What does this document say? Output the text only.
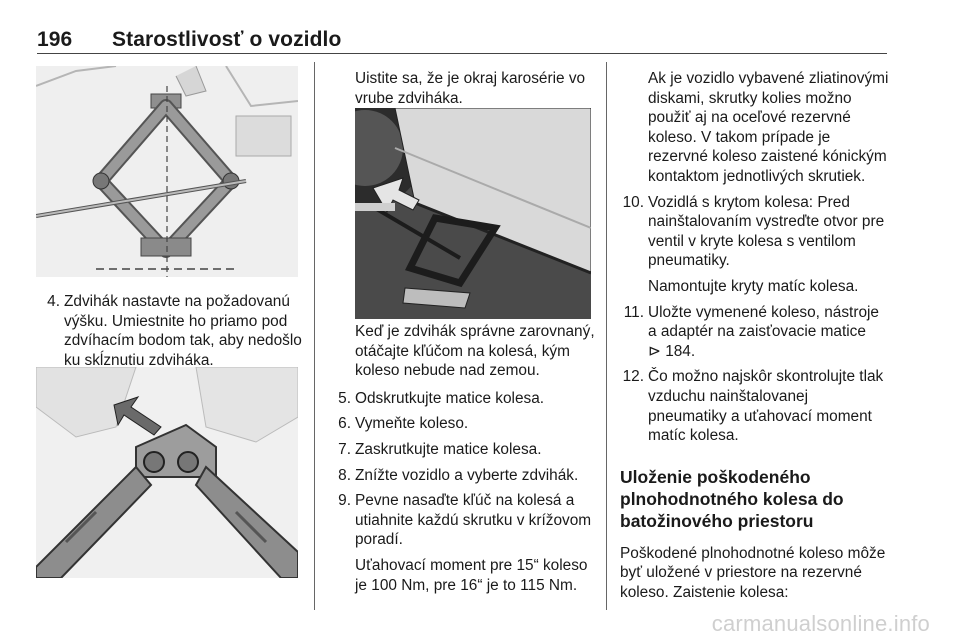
196 Starostlivosť o vozidlo
4. Zdvihák nastavte na požadovanú výšku. Umiestnite ho priamo pod zdvíhacím bodom tak, aby nedošlo ku skĺznutiu zdviháka.

Uistite sa, že je okraj karosérie vo vrube zdviháka.

Keď je zdvihák správne zarovnaný, otáčajte kľúčom na kolesá, kým koleso nebude nad zemou.

5. Odskrutkujte matice kolesa.

6. Vymeňte koleso.

7. Zaskrutkujte matice kolesa.

8. Znížte vozidlo a vyberte zdvihák.

9. Pevne nasaďte kľúč na kolesá a utiahnite každú skrutku v krížovom poradí.

Uťahovací moment pre 15“ koleso je 100 Nm, pre 16“ je to 115 Nm.

Ak je vozidlo vybavené zliatinovými diskami, skrutky kolies možno použiť aj na oceľové rezervné koleso. V takom prípade je rezervné koleso zaistené kónickým kontaktom jednotlivých skrutiek.

10. Vozidlá s krytom kolesa: Pred nainštalovaním vystreďte otvor pre ventil v kryte kolesa s ventilom pneumatiky.

Namontujte kryty matíc kolesa.

11. Uložte vymenené koleso, nástroje a adaptér na zaisťovacie matice
⊳ 184.

12. Čo možno najskôr skontrolujte tlak vzduchu nainštalovanej pneumatiky a uťahovací moment matíc kolesa.

Uloženie poškodeného plnohodnotného kolesa do batožinového priestoru

Poškodené plnohodnotné koleso môže byť uložené v priestore na rezervné koleso. Zaistenie kolesa:

carmanualsonline.info
